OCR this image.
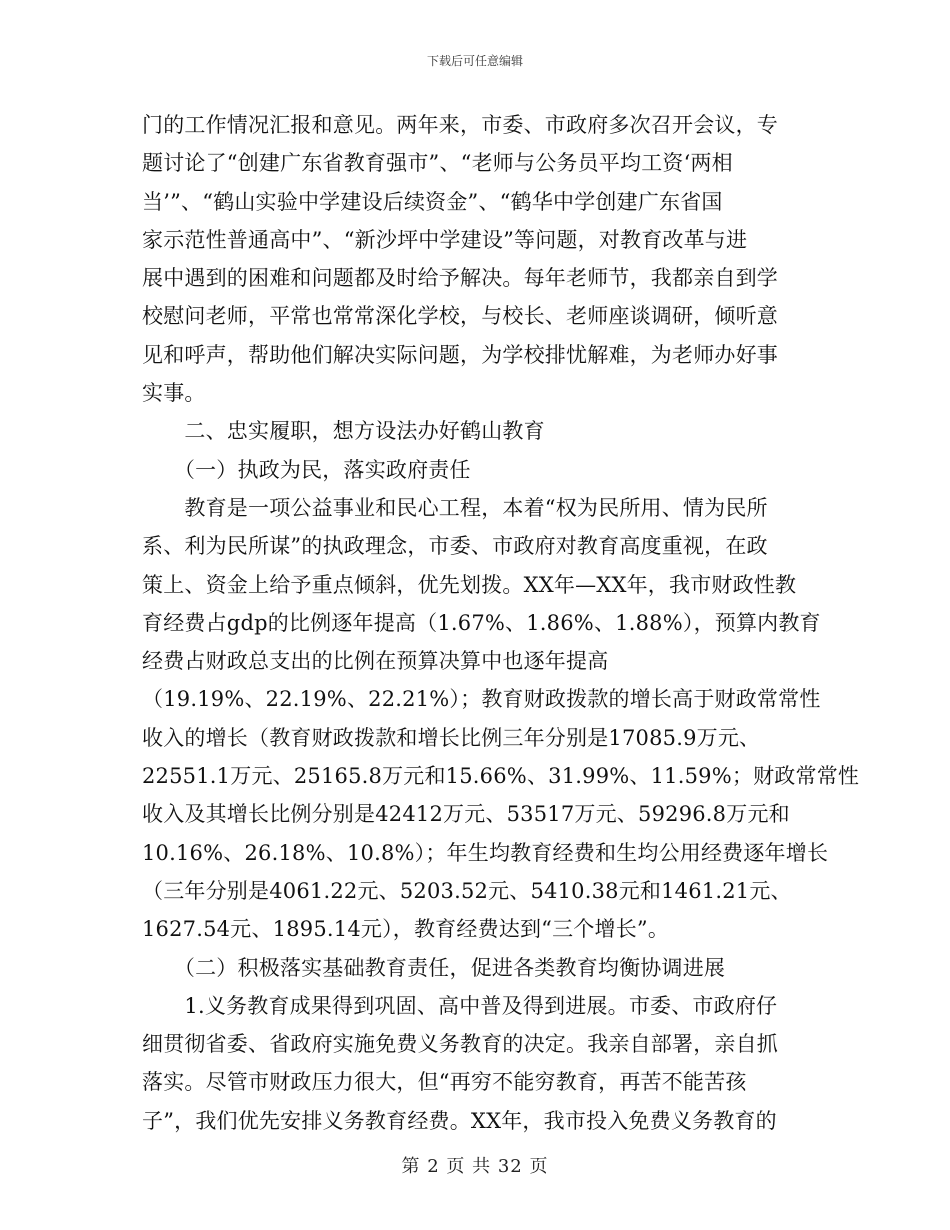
下载后可任意编辑
门的工作情况汇报和意见。两年来，市委、市政府多次召开会议，专
题讨论了“创建广东省教育强市”、“老师与公务员平均工资‘两相
当’”、“鹤山实验中学建设后续资金”、“鹤华中学创建广东省国
家示范性普通高中”、“新沙坪中学建设”等问题，对教育改革与进
展中遇到的困难和问题都及时给予解决。每年老师节，我都亲自到学
校慰问老师，平常也常常深化学校，与校长、老师座谈调研，倾听意
见和呼声，帮助他们解决实际问题，为学校排忧解难，为老师办好事
实事。
　　二、忠实履职，想方设法办好鹤山教育
　　（一）执政为民，落实政府责任
　　教育是一项公益事业和民心工程，本着“权为民所用、情为民所
系、利为民所谋”的执政理念，市委、市政府对教育高度重视，在政
策上、资金上给予重点倾斜，优先划拨。XX年—XX年，我市财政性教
育经费占gdp的比例逐年提高（1.67%、1.86%、1.88%），预算内教育
经费占财政总支出的比例在预算决算中也逐年提高
（19.19%、22.19%、22.21%）；教育财政拨款的增长高于财政常常性
收入的增长（教育财政拨款和增长比例三年分别是17085.9万元、
22551.1万元、25165.8万元和15.66%、31.99%、11.59%；财政常常性
收入及其增长比例分别是42412万元、53517万元、59296.8万元和
10.16%、26.18%、10.8%）；年生均教育经费和生均公用经费逐年增长
（三年分别是4061.22元、5203.52元、5410.38元和1461.21元、
1627.54元、1895.14元），教育经费达到“三个增长”。
　　（二）积极落实基础教育责任，促进各类教育均衡协调进展
　　1.义务教育成果得到巩固、高中普及得到进展。市委、市政府仔
细贯彻省委、省政府实施免费义务教育的决定。我亲自部署，亲自抓
落实。尽管市财政压力很大，但“再穷不能穷教育，再苦不能苦孩
子”，我们优先安排义务教育经费。XX年，我市投入免费义务教育的
第 2 页 共 32 页
